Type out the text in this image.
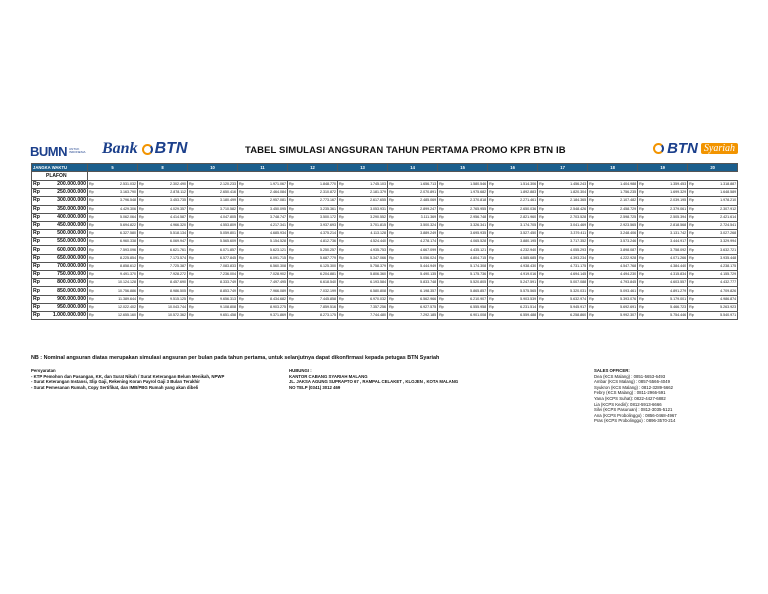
BUMN UNTUK INDONESIA Bank BTN	TABEL SIMULASI ANGSURAN TAHUN PERTAMA PROMO KPR BTN IB	BTN Syariah
JANGKA WAKTU		5		8		10		11		12		13		14		15		16		17		18		19		20	
PLAFON																											
Rp	200.000.000	Rp	2.531.032	Rp	2.302.490	Rp	2.120.233	Rp	1.971.067	Rp	1.848.770	Rp	1.745.103	Rp	1.656.713	Rp	1.580.546	Rp	1.514.306	Rp	1.456.243	Rp	1.404.988	Rp	1.359.453	Rp	1.318.887
Rp	250.000.000	Rp	3.163.790	Rp	2.878.112	Rp	2.650.416	Rp	2.464.084	Rp	2.310.872	Rp	2.181.379	Rp	2.070.891	Rp	1.975.682	Rp	1.892.883	Rp	1.820.304	Rp	1.756.235	Rp	1.699.329	Rp	1.648.589
Rp	300.000.000	Rp	3.796.548	Rp	3.453.735	Rp	3.180.499	Rp	2.957.081	Rp	2.773.167	Rp	2.617.655	Rp	2.485.069	Rp	2.370.818	Rp	2.271.461	Rp	2.184.365	Rp	2.107.482	Rp	2.039.195	Rp	1.978.210
Rp	350.000.000	Rp	4.429.306	Rp	4.029.357	Rp	3.710.582	Rp	3.450.095	Rp	3.235.361	Rp	3.053.931	Rp	2.899.247	Rp	2.765.955	Rp	2.650.036	Rp	2.548.426	Rp	2.458.729	Rp	2.379.061	Rp	2.307.912
Rp	400.000.000	Rp	5.062.064	Rp	4.414.587	Rp	4.047.805	Rp	3.748.747	Rp	3.500.172	Rp	3.290.552	Rp	3.111.369	Rp	2.956.748	Rp	2.821.960	Rp	2.703.528	Rp	2.598.725	Rp	2.505.394	Rp	2.421.614
Rp	450.000.000	Rp	5.694.822	Rp	4.966.320	Rp	4.553.809	Rp	4.217.341	Rp	3.937.693	Rp	3.701.815	Rp	3.500.324	Rp	3.326.341	Rp	3.174.705	Rp	3.041.469	Rp	2.923.565	Rp	2.818.568	Rp	2.724.541
Rp	500.000.000	Rp	6.327.580	Rp	5.518.134	Rp	5.059.801	Rp	4.685.934	Rp	4.375.214	Rp	4.113.128	Rp	3.889.249	Rp	3.695.935	Rp	3.527.450	Rp	3.379.411	Rp	3.248.406	Rp	3.131.742	Rp	3.027.268
Rp	550.000.000	Rp	6.960.338	Rp	6.069.947	Rp	5.565.609	Rp	5.154.528	Rp	4.812.736	Rp	4.524.440	Rp	4.278.174	Rp	4.065.528	Rp	3.880.195	Rp	3.717.352	Rp	3.573.246	Rp	3.444.917	Rp	3.329.994
Rp	600.000.000	Rp	7.593.096	Rp	6.621.761	Rp	6.071.857	Rp	5.623.121	Rp	5.250.257	Rp	4.935.753	Rp	4.667.099	Rp	4.435.121	Rp	4.232.940	Rp	4.055.293	Rp	3.898.087	Rp	3.758.092	Rp	3.632.721
Rp	650.000.000	Rp	8.225.854	Rp	7.173.574	Rp	6.577.845	Rp	6.091.715	Rp	5.687.779	Rp	5.347.066	Rp	5.056.024	Rp	4.804.715	Rp	4.585.685	Rp	4.393.234	Rp	4.222.928	Rp	4.071.266	Rp	3.935.448
Rp	700.000.000	Rp	8.858.612	Rp	7.725.387	Rp	7.083.833	Rp	6.560.308	Rp	6.125.300	Rp	5.758.379	Rp	5.444.949	Rp	5.174.308	Rp	4.938.430	Rp	4.731.175	Rp	4.547.768	Rp	4.384.440	Rp	4.238.175
Rp	750.000.000	Rp	9.491.370	Rp	7.928.272	Rp	7.236.004	Rp	7.028.902	Rp	6.204.881	Rp	5.806.360	Rp	5.490.135	Rp	5.175.736	Rp	4.919.016	Rp	4.694.145	Rp	4.494.230	Rp	4.315.834	Rp	4.155.729
Rp	800.000.000	Rp	10.124.128	Rp	8.457.690	Rp	8.333.749	Rp	7.497.495	Rp	6.618.540	Rp	6.193.584	Rp	5.833.748	Rp	5.520.805	Rp	5.247.591	Rp	5.007.088	Rp	4.793.845	Rp	4.603.557	Rp	4.432.777
Rp	850.000.000	Rp	10.756.886	Rp	8.986.505	Rp	8.853.749	Rp	7.966.089	Rp	7.032.199	Rp	6.580.808	Rp	6.198.357	Rp	5.865.857	Rp	5.575.565	Rp	5.320.031	Rp	5.093.461	Rp	4.891.279	Rp	4.709.826
Rp	900.000.000	Rp	11.389.644	Rp	9.515.125	Rp	9.656.313	Rp	8.434.682	Rp	7.445.858	Rp	6.970.032	Rp	6.562.966	Rp	6.210.907	Rp	5.903.539	Rp	5.632.974	Rp	5.393.076	Rp	5.179.001	Rp	4.986.874
Rp	950.000.000	Rp	12.022.402	Rp	10.043.744	Rp	9.108.808	Rp	8.903.275	Rp	7.859.516	Rp	7.357.256	Rp	6.927.575	Rp	6.555.958	Rp	6.231.514	Rp	5.945.917	Rp	5.692.691	Rp	5.466.723	Rp	5.263.923
Rp	1.000.000.000	Rp	12.655.160	Rp	10.572.362	Rp	9.651.458	Rp	9.371.869	Rp	8.273.175	Rp	7.744.480	Rp	7.292.185	Rp	6.901.008	Rp	6.559.488	Rp	6.258.860	Rp	5.992.307	Rp	5.754.446	Rp	5.540.971
NB : Nominal angsuran diatas merupakan simulasi angsuran per bulan pada tahun pertama, untuk selanjutnya dapat dikonfirmasi kepada petugas BTN Syariah
Persyaratan
- KTP Pemohon dan Pasangan, KK, dan Surat Nikah / Surat Keterangan Belum Menikah, NPWP
- Surat Keterangan Instansi, Slip Gaji, Rekening Koran Payrol Gaji 3 Bulan Terakhir
- Surat Pemesanan Rumah, Copy Sertifikat, dan IMB/PBG Rumah yang akan dibeli
HUBUNGI :
KANTOR CABANG SYARIAH MALANG
JL. JAKSA AGUNG SUPRAPTO 67 , RAMPAL CELAKET , KLOJEN , KOTA MALANG
NO TELP (0341) 3012 469
SALES OFFICER:
Dea (KCS Malang) : 0851-5653-6493
Ambar (KCS Malang) : 0857-5566-4049
Syukron (KCS Malang) : 0812-3289-5662
Febry (KCS Malang) : 0811-2966-591
Yana (KCPS Suhat): 0822-4427-6882
Lia (KCPS Kediri): 0812-5913-6666
Silvi (KCPS Pasuruan) : 0812-3035-5121
Ana (KCPS Probolinggo) : 0856-0468-4967
Pras (KCPS Probolinggo) : 0896-3570-214
